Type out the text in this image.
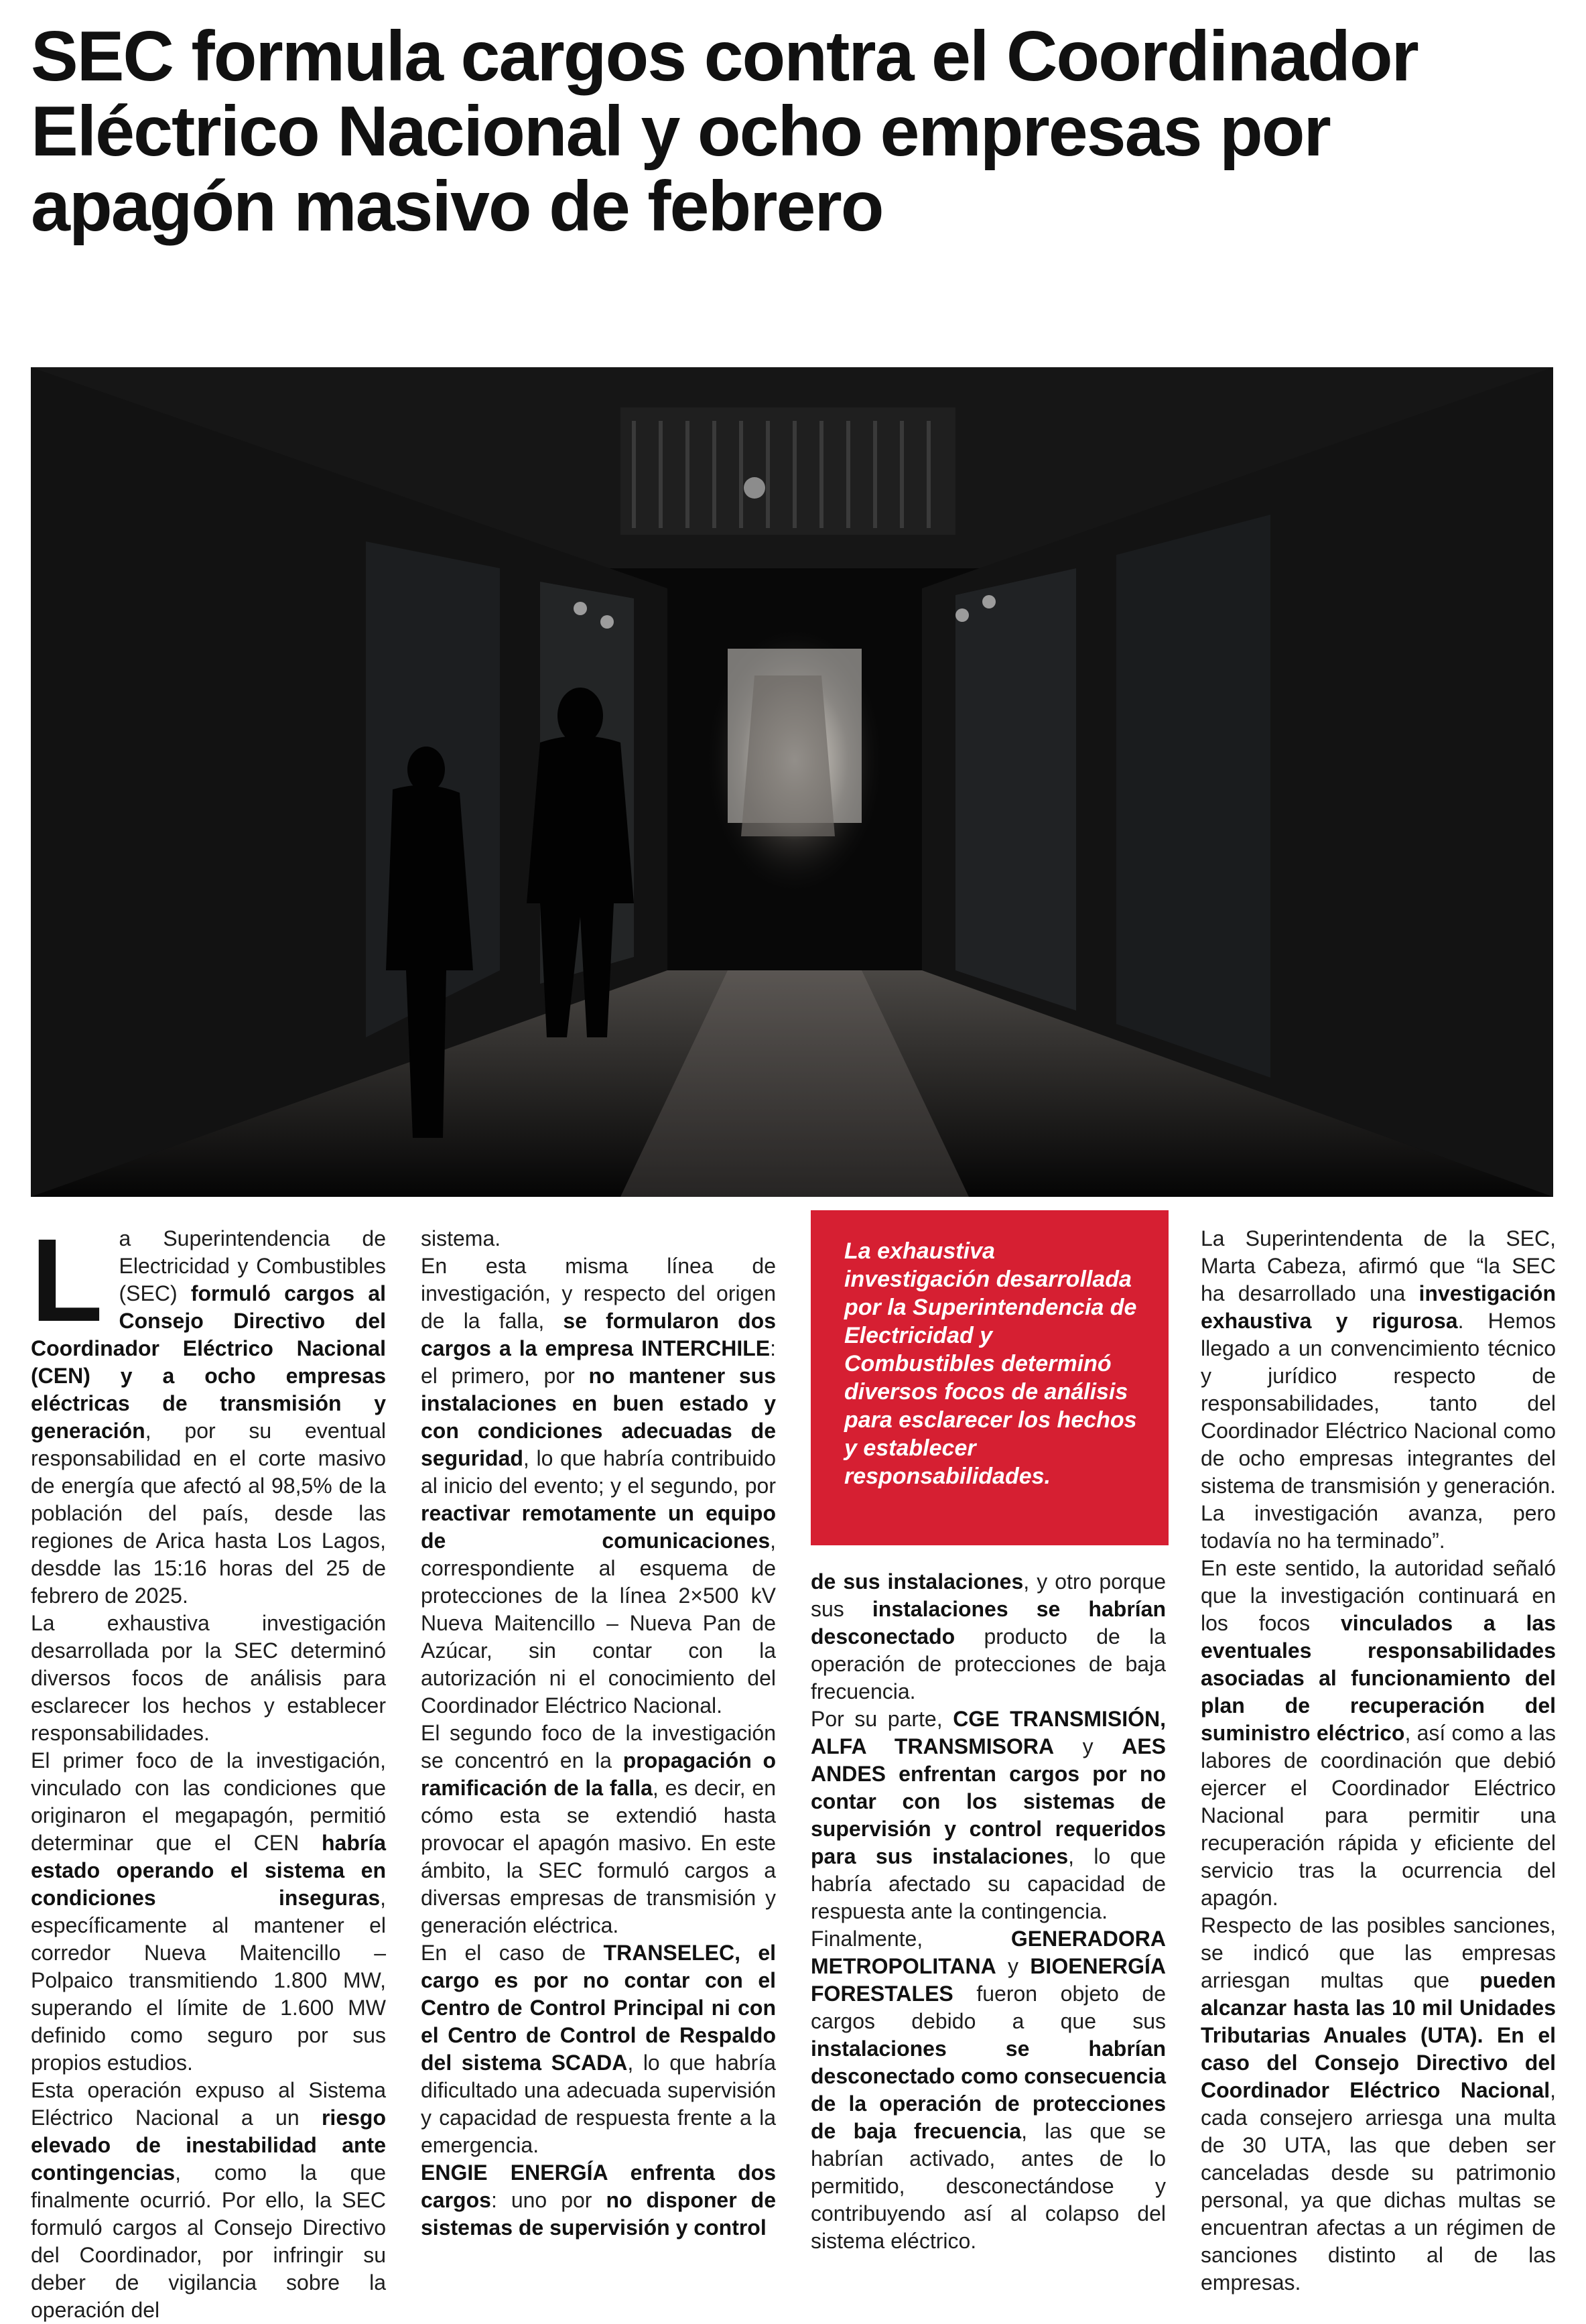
SEC formula cargos contra el Coordinador Eléctrico Nacional y ocho empresas por apagón masivo de febrero

La Superintendencia de Electricidad y Combustibles (SEC) formuló cargos al Consejo Directivo del Coordinador Eléctrico Nacional (CEN) y a ocho empresas eléctricas de transmisión y generación, por su eventual responsabilidad en el corte masivo de energía que afectó al 98,5% de la población del país, desde las regiones de Arica hasta Los Lagos, desdde las 15:16 horas del 25 de febrero de 2025.

La exhaustiva investigación desarrollada por la SEC determinó diversos focos de análisis para esclarecer los hechos y establecer responsabilidades.

El primer foco de la investigación, vinculado con las condiciones que originaron el megapagón, permitió determinar que el CEN habría estado operando el sistema en condiciones inseguras, específicamente al mantener el corredor Nueva Maitencillo – Polpaico transmitiendo 1.800 MW, superando el límite de 1.600 MW definido como seguro por sus propios estudios.

Esta operación expuso al Sistema Eléctrico Nacional a un riesgo elevado de inestabilidad ante contingencias, como la que finalmente ocurrió. Por ello, la SEC formuló cargos al Consejo Directivo del Coordinador, por infringir su deber de vigilancia sobre la operación del

sistema.

En esta misma línea de investigación, y respecto del origen de la falla, se formularon dos cargos a la empresa INTERCHILE: el primero, por no mantener sus instalaciones en buen estado y con condiciones adecuadas de seguridad, lo que habría contribuido al inicio del evento; y el segundo, por reactivar remotamente un equipo de comunicaciones, correspondiente al esquema de protecciones de la línea 2×500 kV Nueva Maitencillo – Nueva Pan de Azúcar, sin contar con la autorización ni el conocimiento del Coordinador Eléctrico Nacional.

El segundo foco de la investigación se concentró en la propagación o ramificación de la falla, es decir, en cómo esta se extendió hasta provocar el apagón masivo. En este ámbito, la SEC formuló cargos a diversas empresas de transmisión y generación eléctrica.

En el caso de TRANSELEC, el cargo es por no contar con el Centro de Control Principal ni con el Centro de Control de Respaldo del sistema SCADA, lo que habría dificultado una adecuada supervisión y capacidad de respuesta frente a la emergencia.

ENGIE ENERGÍA enfrenta dos cargos: uno por no disponer de sistemas de supervisión y control

La exhaustiva investigación desarrollada por la Superintendencia de Electricidad y Combustibles determinó diversos focos de análisis para esclarecer los hechos y establecer responsabilidades.

de sus instalaciones, y otro porque sus instalaciones se habrían desconectado producto de la operación de protecciones de baja frecuencia.

Por su parte, CGE TRANSMISIÓN, ALFA TRANSMISORA y AES ANDES enfrentan cargos por no contar con los sistemas de supervisión y control requeridos para sus instalaciones, lo que habría afectado su capacidad de respuesta ante la contingencia.

Finalmente, GENERADORA METROPOLITANA y BIOENERGÍA FORESTALES fueron objeto de cargos debido a que sus instalaciones se habrían desconectado como consecuencia de la operación de protecciones de baja frecuencia, las que se habrían activado, antes de lo permitido, desconectándose y contribuyendo así al colapso del sistema eléctrico.

La Superintendenta de la SEC, Marta Cabeza, afirmó que “la SEC ha desarrollado una investigación exhaustiva y rigurosa. Hemos llegado a un convencimiento técnico y jurídico respecto de responsabilidades, tanto del Coordinador Eléctrico Nacional como de ocho empresas integrantes del sistema de transmisión y generación. La investigación avanza, pero todavía no ha terminado”.

En este sentido, la autoridad señaló que la investigación continuará en los focos vinculados a las eventuales responsabilidades asociadas al funcionamiento del plan de recuperación del suministro eléctrico, así como a las labores de coordinación que debió ejercer el Coordinador Eléctrico Nacional para permitir una recuperación rápida y eficiente del servicio tras la ocurrencia del apagón.

Respecto de las posibles sanciones, se indicó que las empresas arriesgan multas que pueden alcanzar hasta las 10 mil Unidades Tributarias Anuales (UTA). En el caso del Consejo Directivo del Coordinador Eléctrico Nacional, cada consejero arriesga una multa de 30 UTA, las que deben ser canceladas desde su patrimonio personal, ya que dichas multas se encuentran afectas a un régimen de sanciones distinto al de las empresas.
